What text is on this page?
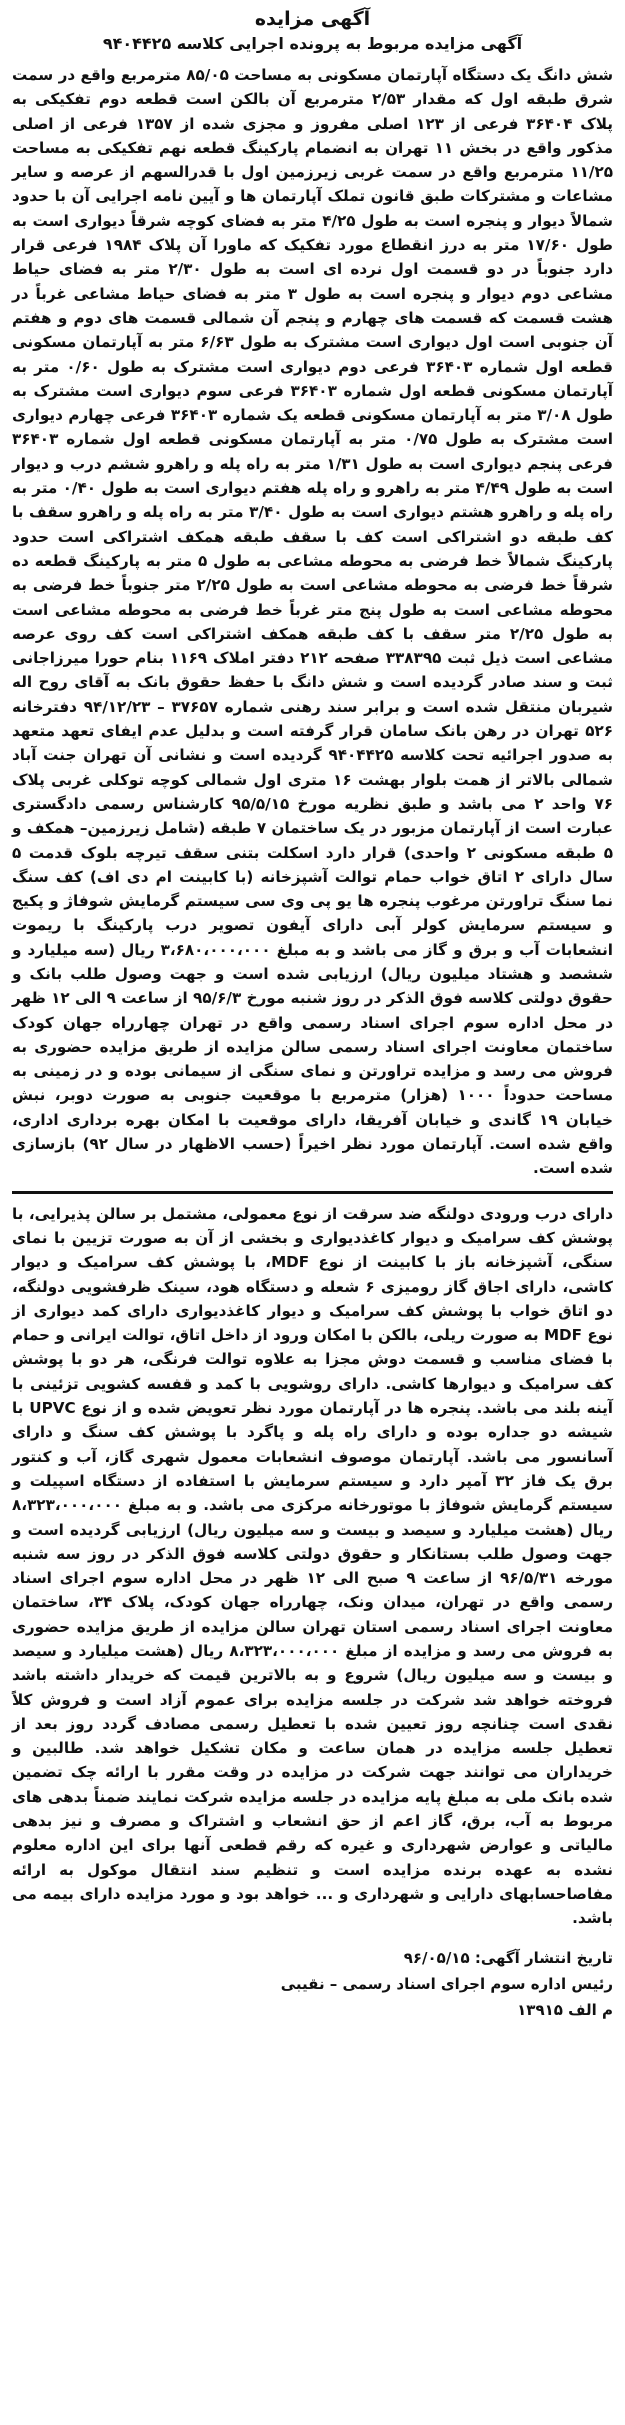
آگهی مزایده
آگهی مزایده مربوط به پرونده اجرایی کلاسه ۹۴۰۴۴۲۵

شش دانگ یک دستگاه آپارتمان مسکونی به مساحت ۸۵/۰۵ مترمربع واقع در سمت شرق طبقه اول که مقدار ۲/۵۳ مترمربع آن بالکن است قطعه دوم تفکیکی به پلاک ۳۶۴۰۴ فرعی از ۱۲۳ اصلی مفروز و مجزی شده از ۱۳۵۷ فرعی از اصلی مذکور واقع در بخش ۱۱ تهران به انضمام پارکینگ قطعه نهم تفکیکی به مساحت ۱۱/۲۵ مترمربع واقع در سمت غربی زیرزمین اول با قدرالسهم از عرصه و سایر مشاعات و مشترکات طبق قانون تملک آپارتمان ها و آیین نامه اجرایی آن با حدود شمالاً دیوار و پنجره است به طول ۴/۲۵ متر به فضای کوچه شرقاً دیواری است به طول ۱۷/۶۰ متر به درز انقطاع مورد تفکیک که ماورا آن پلاک ۱۹۸۴ فرعی قرار دارد جنوباً در دو قسمت اول نرده ای است به طول ۲/۳۰ متر به فضای حیاط مشاعی دوم دیوار و پنجره است به طول ۳ متر به فضای حیاط مشاعی غرباً در هشت قسمت که قسمت های چهارم و پنجم آن شمالی قسمت های دوم و هفتم آن جنوبی است اول دیواری است مشترک به طول ۶/۶۳ متر به آپارتمان مسکونی قطعه اول شماره ۳۶۴۰۳ فرعی دوم دیواری است مشترک به طول ۰/۶۰ متر به آپارتمان مسکونی قطعه اول شماره ۳۶۴۰۳ فرعی سوم دیواری است مشترک به طول ۳/۰۸ متر به آپارتمان مسکونی قطعه یک شماره ۳۶۴۰۳ فرعی چهارم دیواری است مشترک به طول ۰/۷۵ متر به آپارتمان مسکونی قطعه اول شماره ۳۶۴۰۳ فرعی پنجم دیواری است به طول ۱/۳۱ متر به راه پله و راهرو ششم درب و دیوار است به طول ۴/۴۹ متر به راهرو و راه پله هفتم دیواری است به طول ۰/۴۰ متر به راه پله و راهرو هشتم دیواری است به طول ۳/۴۰ متر به راه پله و راهرو سقف با کف طبقه دو اشتراکی است کف با سقف طبقه همکف اشتراکی است حدود پارکینگ شمالاً خط فرضی به محوطه مشاعی به طول ۵ متر به پارکینگ قطعه ده شرقاً خط فرضی به محوطه مشاعی است به طول ۲/۲۵ متر جنوباً خط فرضی به محوطه مشاعی است به طول پنج متر غرباً خط فرضی به محوطه مشاعی است به طول ۲/۲۵ متر سقف با کف طبقه همکف اشتراکی است کف روی عرصه مشاعی است ذیل ثبت ۳۳۸۳۹۵ صفحه ۲۱۲ دفتر املاک ۱۱۶۹ بنام حورا میرزاجانی ثبت و سند صادر گردیده است و شش دانگ با حفظ حقوق بانک به آقای روح اله شیربان منتقل شده است و برابر سند رهنی شماره ۳۷۶۵۷ – ۹۴/۱۲/۲۳ دفترخانه ۵۲۶ تهران در رهن بانک سامان قرار گرفته است و بدلیل عدم ایفای تعهد متعهد به صدور اجرائیه تحت کلاسه ۹۴۰۴۴۲۵ گردیده است و نشانی آن تهران جنت آباد شمالی بالاتر از همت بلوار بهشت ۱۶ متری اول شمالی کوچه توکلی غربی پلاک ۷۶ واحد ۲ می باشد و طبق نظریه مورخ ۹۵/۵/۱۵ کارشناس رسمی دادگستری عبارت است از آپارتمان مزبور در یک ساختمان ۷ طبقه (شامل زیرزمین– همکف و ۵ طبقه مسکونی ۲ واحدی) قرار دارد اسکلت بتنی سقف تیرچه بلوک قدمت ۵ سال دارای ۲ اتاق خواب حمام توالت آشپزخانه (با کابینت ام دی اف) کف سنگ نما سنگ تراورتن مرغوب پنجره ها یو پی وی سی سیستم گرمایش شوفاژ و پکیج و سیستم سرمایش کولر آبی دارای آیفون تصویر درب پارکینگ با ریموت انشعابات آب و برق و گاز می باشد و به مبلغ ۳،۶۸۰،۰۰۰،۰۰۰ ریال (سه میلیارد و ششصد و هشتاد میلیون ریال) ارزیابی شده است و جهت وصول طلب بانک و حقوق دولتی کلاسه فوق الذکر در روز شنبه مورخ ۹۵/۶/۳ از ساعت ۹ الی ۱۲ ظهر در محل اداره سوم اجرای اسناد رسمی واقع در تهران چهارراه جهان کودک ساختمان معاونت اجرای اسناد رسمی سالن مزایده از طریق مزایده حضوری به فروش می رسد و مزایده تراورتن و نمای سنگی از سیمانی بوده و در زمینی به مساحت حدوداً ۱۰۰۰ (هزار) مترمربع با موقعیت جنوبی به صورت دوبر، نبش خیابان ۱۹ گاندی و خیابان آفریقا، دارای موقعیت با امکان بهره برداری اداری، واقع شده است. آپارتمان مورد نظر اخیراً (حسب الاظهار در سال ۹۲) بازسازی شده است.

دارای درب ورودی دولنگه ضد سرقت از نوع معمولی، مشتمل بر سالن پذیرایی، با پوشش کف سرامیک و دیوار کاغذدیواری و بخشی از آن به صورت تزیین با نمای سنگی، آشپزخانه باز با کابینت از نوع MDF، با پوشش کف سرامیک و دیوار کاشی، دارای اجاق گاز رومیزی ۶ شعله و دستگاه هود، سینک ظرفشویی دولنگه، دو اتاق خواب با پوشش کف سرامیک و دیوار کاغذدیواری دارای کمد دیواری از نوع MDF به صورت ریلی، بالکن با امکان ورود از داخل اتاق، توالت ایرانی و حمام با فضای مناسب و قسمت دوش مجزا به علاوه توالت فرنگی، هر دو با پوشش کف سرامیک و دیوارها کاشی. دارای روشویی با کمد و قفسه کشویی تزئینی با آینه بلند می باشد. پنجره ها در آپارتمان مورد نظر تعویض شده و از نوع UPVC با شیشه دو جداره بوده و دارای راه پله و پاگرد با پوشش کف سنگ و دارای آسانسور می باشد. آپارتمان موصوف انشعابات معمول شهری گاز، آب و کنتور برق یک فاز ۳۲ آمپر دارد و سیستم سرمایش با استفاده از دستگاه اسپیلت و سیستم گرمایش شوفاژ با موتورخانه مرکزی می باشد. و به مبلغ ۸،۳۲۳،۰۰۰،۰۰۰ ریال (هشت میلیارد و سیصد و بیست و سه میلیون ریال) ارزیابی گردیده است و جهت وصول طلب بستانکار و حقوق دولتی کلاسه فوق الذکر در روز سه شنبه مورخه ۹۶/۵/۳۱ از ساعت ۹ صبح الی ۱۲ ظهر در محل اداره سوم اجرای اسناد رسمی واقع در تهران، میدان ونک، چهارراه جهان کودک، پلاک ۳۴، ساختمان معاونت اجرای اسناد رسمی استان تهران سالن مزایده از طریق مزایده حضوری به فروش می رسد و مزایده از مبلغ ۸،۳۲۳،۰۰۰،۰۰۰ ریال (هشت میلیارد و سیصد و بیست و سه میلیون ریال) شروع و به بالاترین قیمت که خریدار داشته باشد فروخته خواهد شد شرکت در جلسه مزایده برای عموم آزاد است و فروش کلاً نقدی است چنانچه روز تعیین شده با تعطیل رسمی مصادف گردد روز بعد از تعطیل جلسه مزایده در همان ساعت و مکان تشکیل خواهد شد. طالبین و خریداران می توانند جهت شرکت در مزایده در وقت مقرر با ارائه چک تضمین شده بانک ملی به مبلغ پایه مزایده در جلسه مزایده شرکت نمایند ضمناً بدهی های مربوط به آب، برق، گاز اعم از حق انشعاب و اشتراک و مصرف و نیز بدهی مالیاتی و عوارض شهرداری و غیره که رقم قطعی آنها برای این اداره معلوم نشده به عهده برنده مزایده است و تنظیم سند انتقال موکول به ارائه مفاصاحسابهای دارایی و شهرداری و ... خواهد بود و مورد مزایده دارای بیمه می باشد.

تاریخ انتشار آگهی: ۹۶/۰۵/۱۵
رئیس اداره سوم اجرای اسناد رسمی – نقیبی
م الف ۱۳۹۱۵
